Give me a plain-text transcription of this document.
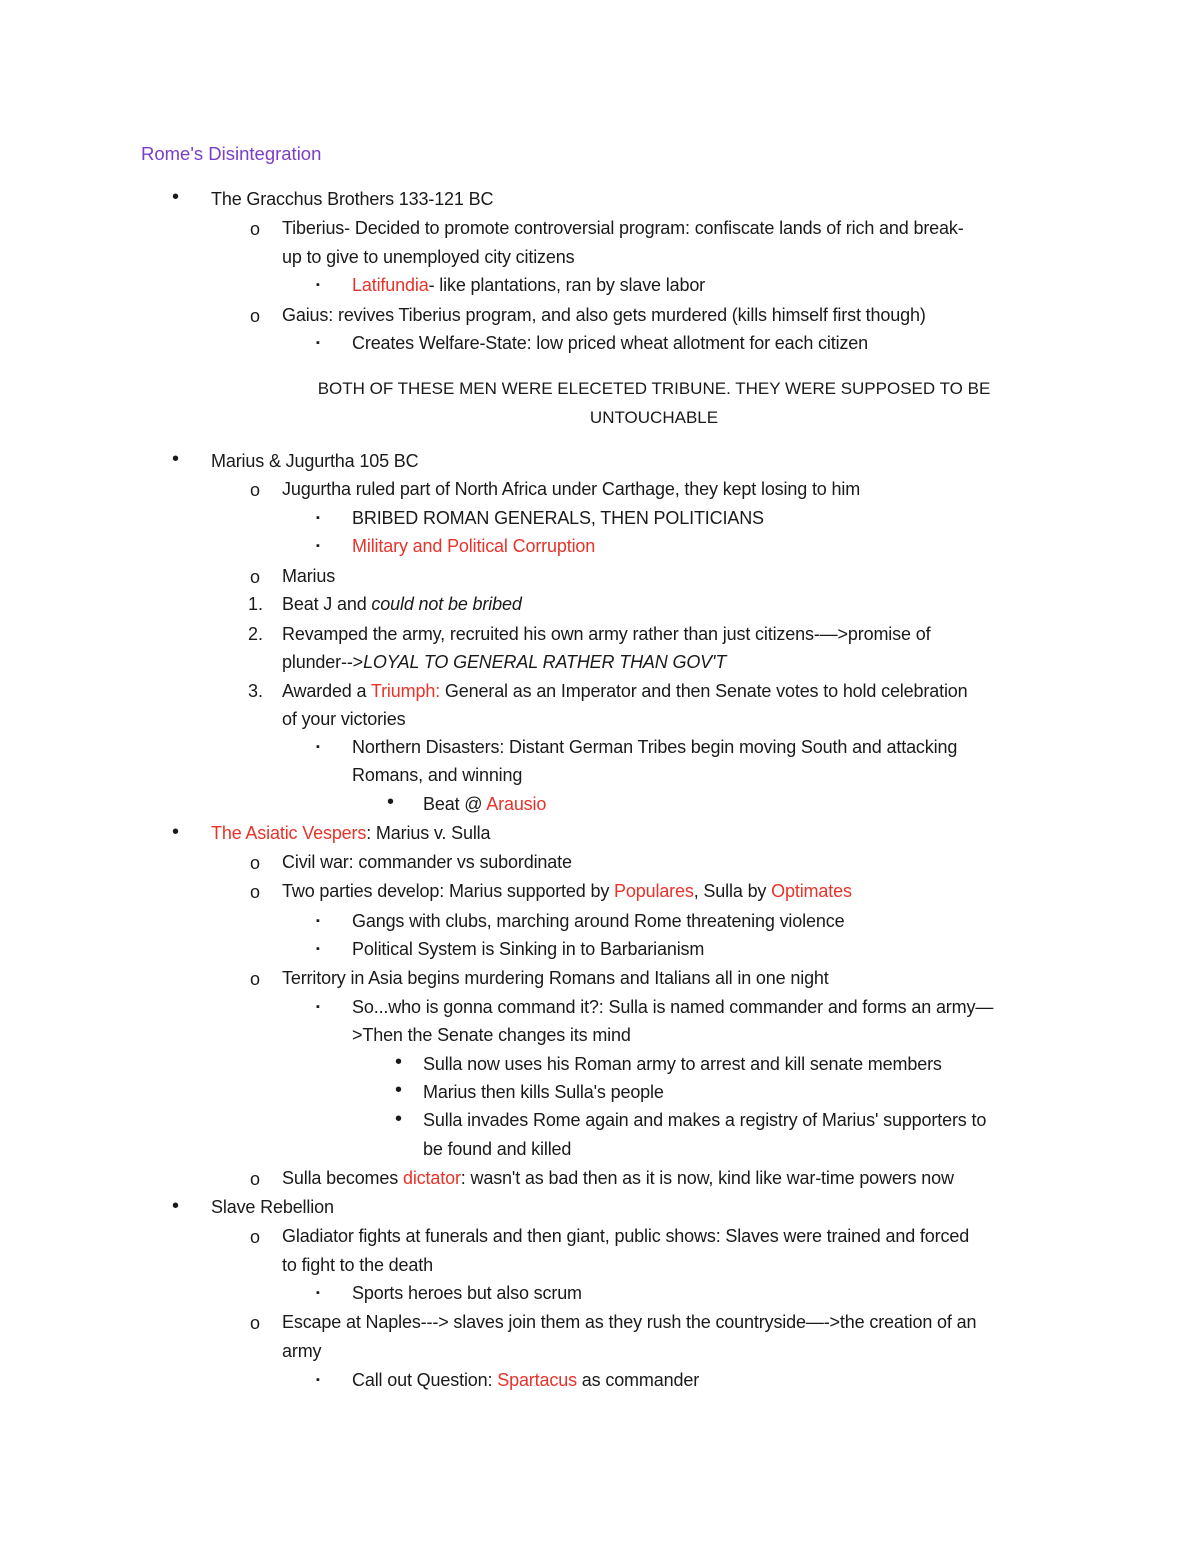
Rome's Disintegration
• The Gracchus Brothers 133-121 BC
o Tiberius- Decided to promote controversial program: confiscate lands of rich and break-
up to give to unemployed city citizens
▪ Latifundia- like plantations, ran by slave labor
o Gaius: revives Tiberius program, and also gets murdered (kills himself first though)
▪ Creates Welfare-State: low priced wheat allotment for each citizen
BOTH OF THESE MEN WERE ELECETED TRIBUNE. THEY WERE SUPPOSED TO BE
UNTOUCHABLE
• Marius & Jugurtha 105 BC
o Jugurtha ruled part of North Africa under Carthage, they kept losing to him
▪ BRIBED ROMAN GENERALS, THEN POLITICIANS
▪ Military and Political Corruption
o Marius
1. Beat J and could not be bribed
2. Revamped the army, recruited his own army rather than just citizens-—>promise of
plunder-->LOYAL TO GENERAL RATHER THAN GOV'T
3. Awarded a Triumph: General as an Imperator and then Senate votes to hold celebration
of your victories
▪ Northern Disasters: Distant German Tribes begin moving South and attacking
Romans, and winning
• Beat @ Arausio
• The Asiatic Vespers: Marius v. Sulla
o Civil war: commander vs subordinate
o Two parties develop: Marius supported by Populares, Sulla by Optimates
▪ Gangs with clubs, marching around Rome threatening violence
▪ Political System is Sinking in to Barbarianism
o Territory in Asia begins murdering Romans and Italians all in one night
▪ So...who is gonna command it?: Sulla is named commander and forms an army—
>Then the Senate changes its mind
• Sulla now uses his Roman army to arrest and kill senate members
• Marius then kills Sulla's people
• Sulla invades Rome again and makes a registry of Marius' supporters to
be found and killed
o Sulla becomes dictator: wasn't as bad then as it is now, kind like war-time powers now
• Slave Rebellion
o Gladiator fights at funerals and then giant, public shows: Slaves were trained and forced
to fight to the death
▪ Sports heroes but also scrum
o Escape at Naples---> slaves join them as they rush the countryside—->the creation of an
army
▪ Call out Question: Spartacus as commander
